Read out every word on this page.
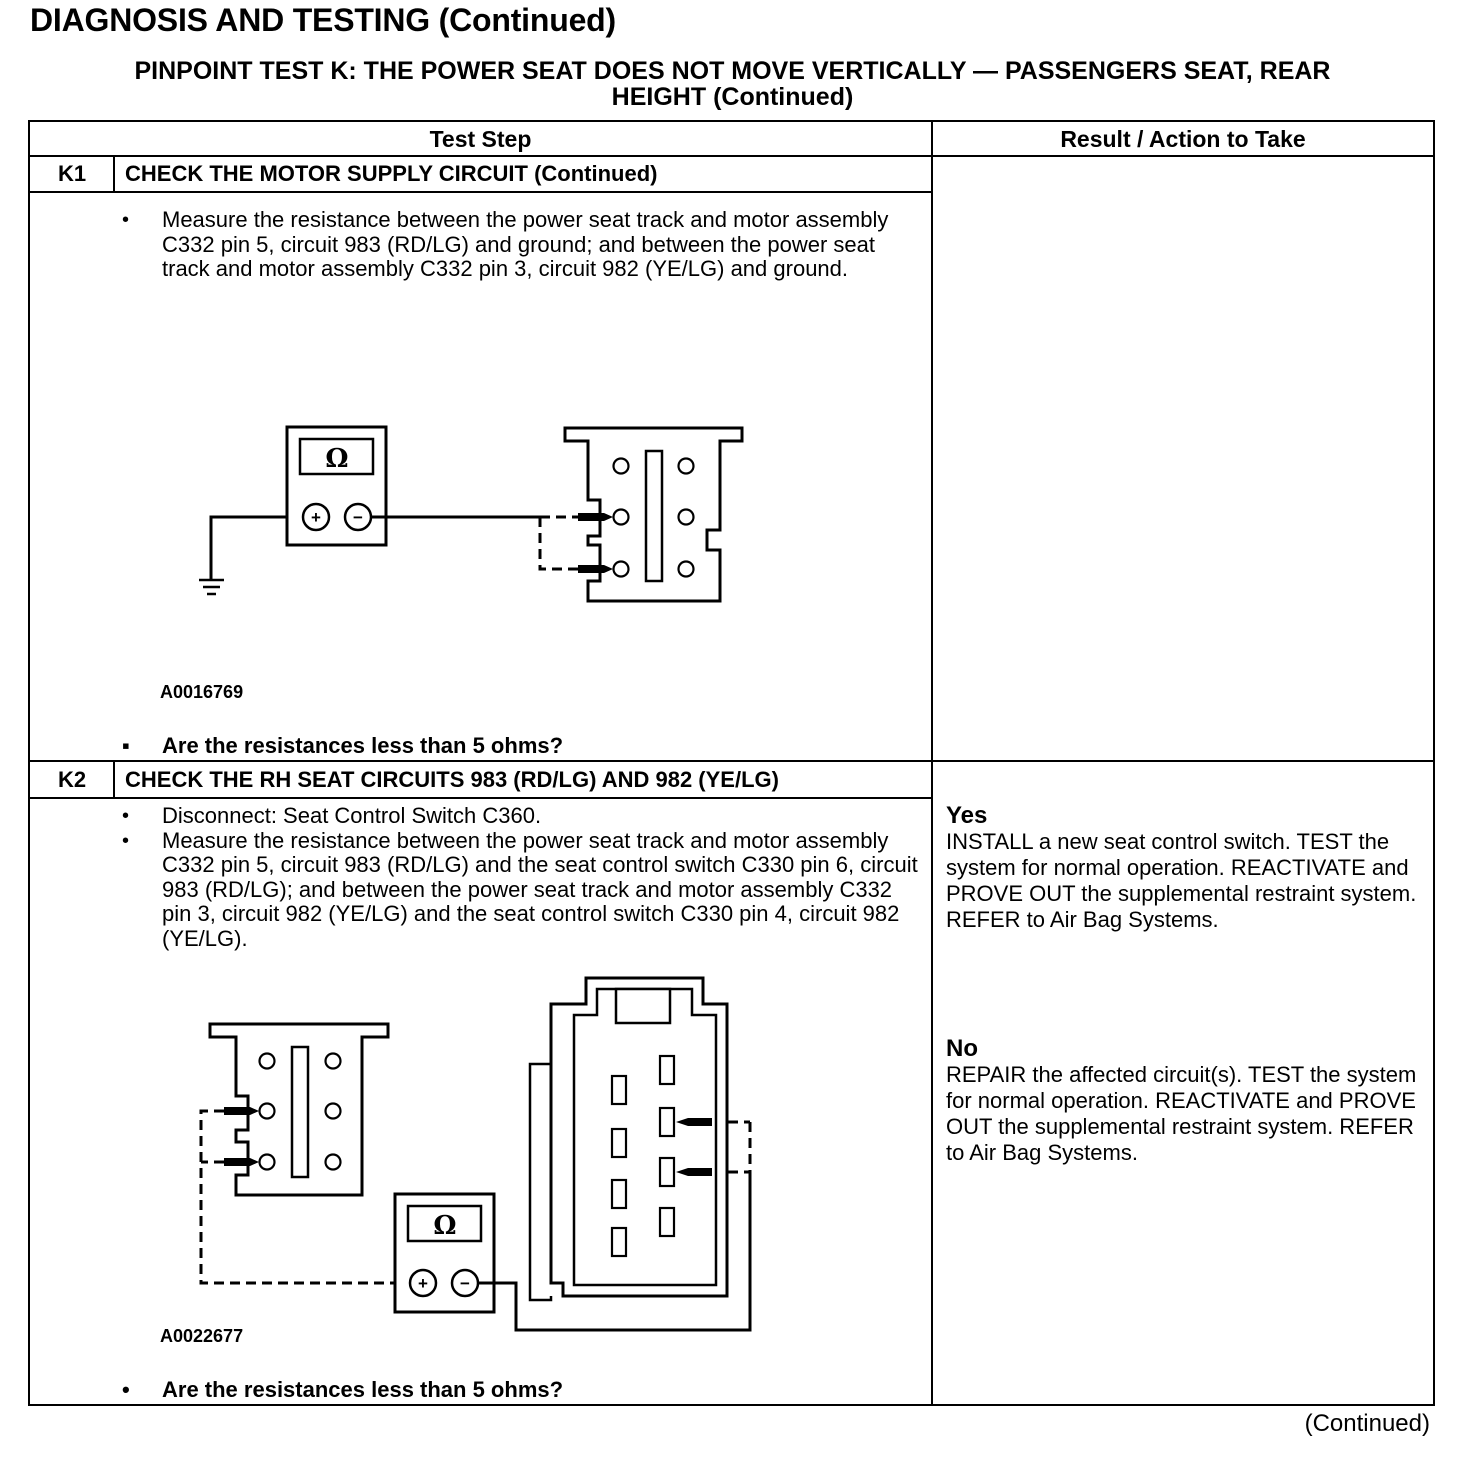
DIAGNOSIS AND TESTING (Continued)
PINPOINT TEST K: THE POWER SEAT DOES NOT MOVE VERTICALLY — PASSENGERS SEAT, REAR
HEIGHT (Continued)
Test Step	Result / Action to Take
K1	CHECK THE MOTOR SUPPLY CIRCUIT (Continued)
•	Measure the resistance between the power seat track and motor assembly C332 pin 5, circuit 983 (RD/LG) and ground; and between the power seat track and motor assembly C332 pin 3, circuit 982 (YE/LG) and ground.
Ω
+ −
A0016769
▪	Are the resistances less than 5 ohms?
K2	CHECK THE RH SEAT CIRCUITS 983 (RD/LG) AND 982 (YE/LG)
•	Disconnect: Seat Control Switch C360.
•	Measure the resistance between the power seat track and motor assembly C332 pin 5, circuit 983 (RD/LG) and the seat control switch C330 pin 6, circuit 983 (RD/LG); and between the power seat track and motor assembly C332 pin 3, circuit 982 (YE/LG) and the seat control switch C330 pin 4, circuit 982 (YE/LG).
Ω
+ −
A0022677
•	Are the resistances less than 5 ohms?
Yes
INSTALL a new seat control switch. TEST the system for normal operation. REACTIVATE and PROVE OUT the supplemental restraint system. REFER to Air Bag Systems.
No
REPAIR the affected circuit(s). TEST the system for normal operation. REACTIVATE and PROVE OUT the supplemental restraint system. REFER to Air Bag Systems.
(Continued)
